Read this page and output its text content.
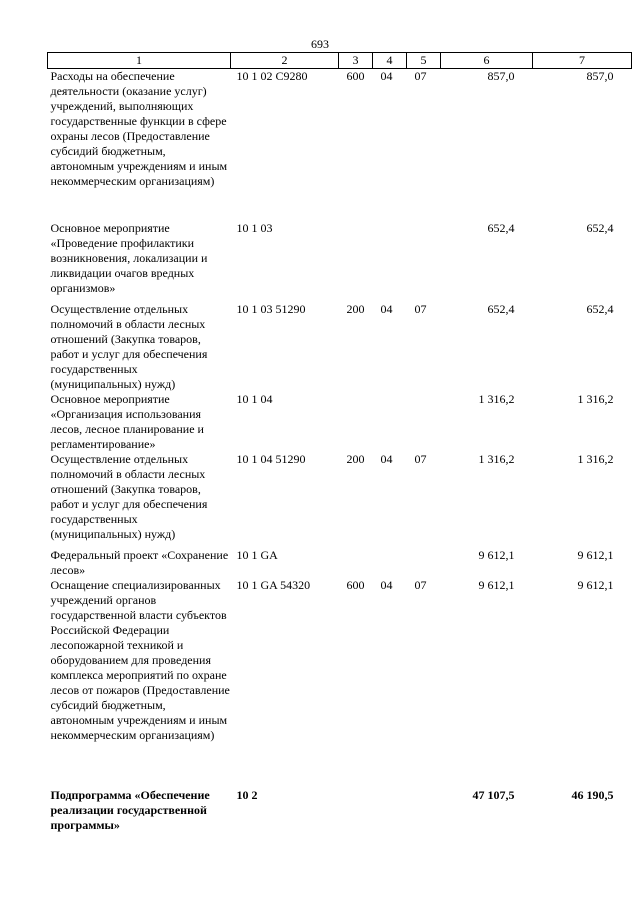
693
1	2	3	4	5	6	7
Расходы на обеспечение деятельности (оказание услуг) учреждений, выполняющих государственные функции в сфере охраны лесов (Предоставление субсидий бюджетным, автономным учреждениям и иным некоммерческим организациям)	10 1 02 С9280	600	04	07	857,0	857,0
Основное мероприятие «Проведение профилактики возникновения, локализации и ликвидации очагов вредных организмов»	10 1 03				652,4	652,4
Осуществление отдельных полномочий в области лесных отношений (Закупка товаров, работ и услуг для обеспечения государственных (муниципальных) нужд)	10 1 03 51290	200	04	07	652,4	652,4
Основное мероприятие «Организация использования лесов, лесное планирование и регламентирование»	10 1 04				1 316,2	1 316,2
Осуществление отдельных полномочий в области лесных отношений (Закупка товаров, работ и услуг для обеспечения государственных (муниципальных) нужд)	10 1 04 51290	200	04	07	1 316,2	1 316,2
Федеральный проект «Сохранение лесов»	10 1 GA				9 612,1	9 612,1
Оснащение специализированных учреждений органов государственной власти субъектов Российской Федерации лесопожарной техникой и оборудованием для проведения комплекса мероприятий по охране лесов от пожаров (Предоставление субсидий бюджетным, автономным учреждениям и иным некоммерческим организациям)	10 1 GA 54320	600	04	07	9 612,1	9 612,1
Подпрограмма «Обеспечение реализации государственной программы»	10 2				47 107,5	46 190,5
